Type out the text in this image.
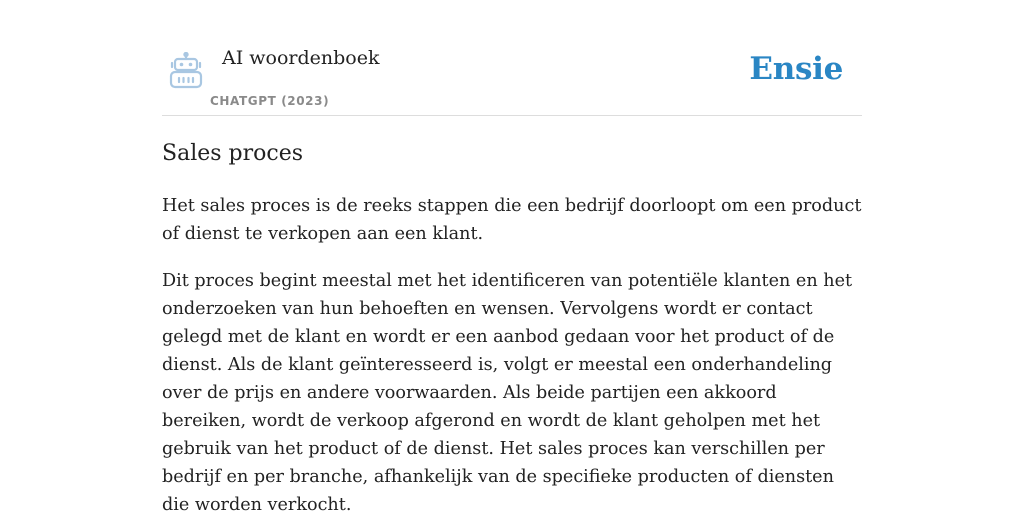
AI woordenboek
CHATGPT (2023)
Ensie
Sales proces

Het sales proces is de reeks stappen die een bedrijf doorloopt om een product of dienst te verkopen aan een klant.

Dit proces begint meestal met het identificeren van potentiële klanten en het onderzoeken van hun behoeften en wensen. Vervolgens wordt er contact gelegd met de klant en wordt er een aanbod gedaan voor het product of de dienst. Als de klant geïnteresseerd is, volgt er meestal een onderhandeling over de prijs en andere voorwaarden. Als beide partijen een akkoord bereiken, wordt de verkoop afgerond en wordt de klant geholpen met het gebruik van het product of de dienst. Het sales proces kan verschillen per bedrijf en per branche, afhankelijk van de specifieke producten of diensten die worden verkocht.
